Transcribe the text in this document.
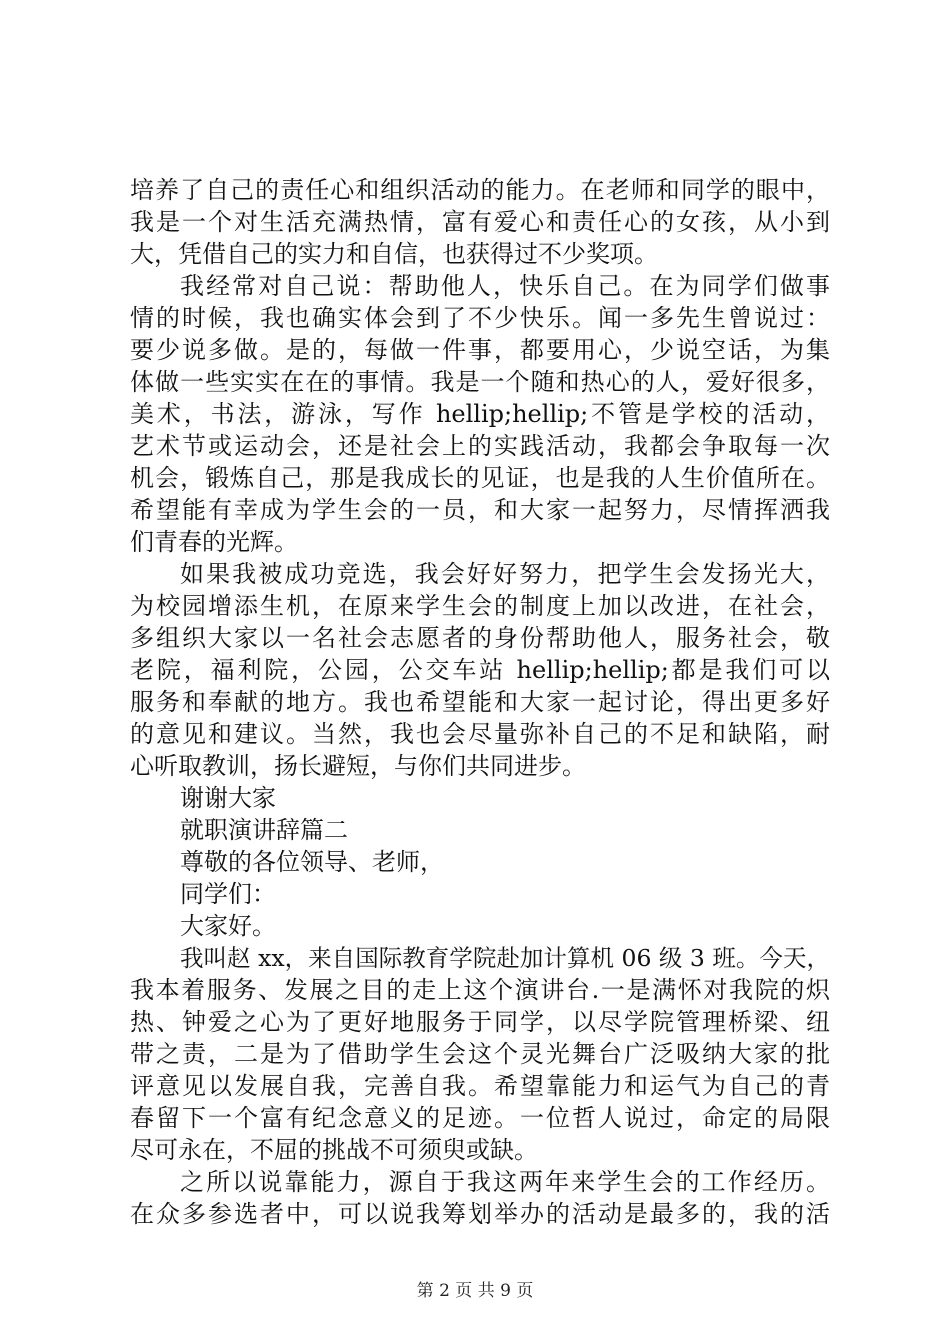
培养了自己的责任心和组织活动的能力。在老师和同学的眼中，
我是一个对生活充满热情，富有爱心和责任心的女孩，从小到
大，凭借自己的实力和自信，也获得过不少奖项。
我经常对自己说：帮助他人，快乐自己。在为同学们做事
情的时候，我也确实体会到了不少快乐。闻一多先生曾说过：
要少说多做。是的，每做一件事，都要用心，少说空话，为集
体做一些实实在在的事情。我是一个随和热心的人，爱好很多，
美术，书法，游泳，写作 hellip;hellip;不管是学校的活动，
艺术节或运动会，还是社会上的实践活动，我都会争取每一次
机会，锻炼自己，那是我成长的见证，也是我的人生价值所在。
希望能有幸成为学生会的一员，和大家一起努力，尽情挥洒我
们青春的光辉。
如果我被成功竞选，我会好好努力，把学生会发扬光大，
为校园增添生机，在原来学生会的制度上加以改进，在社会，
多组织大家以一名社会志愿者的身份帮助他人，服务社会，敬
老院，福利院，公园，公交车站 hellip;hellip;都是我们可以
服务和奉献的地方。我也希望能和大家一起讨论，得出更多好
的意见和建议。当然，我也会尽量弥补自己的不足和缺陷，耐
心听取教训，扬长避短，与你们共同进步。
谢谢大家
就职演讲辞篇二
尊敬的各位领导、老师，
同学们：
大家好。
我叫赵 xx，来自国际教育学院赴加计算机 06 级 3 班。今天，
我本着服务、发展之目的走上这个演讲台.一是满怀对我院的炽
热、钟爱之心为了更好地服务于同学，以尽学院管理桥梁、纽
带之责，二是为了借助学生会这个灵光舞台广泛吸纳大家的批
评意见以发展自我，完善自我。希望靠能力和运气为自己的青
春留下一个富有纪念意义的足迹。一位哲人说过，命定的局限
尽可永在，不屈的挑战不可须臾或缺。
之所以说靠能力，源自于我这两年来学生会的工作经历。
在众多参选者中，可以说我筹划举办的活动是最多的，我的活
第 2 页 共 9 页
